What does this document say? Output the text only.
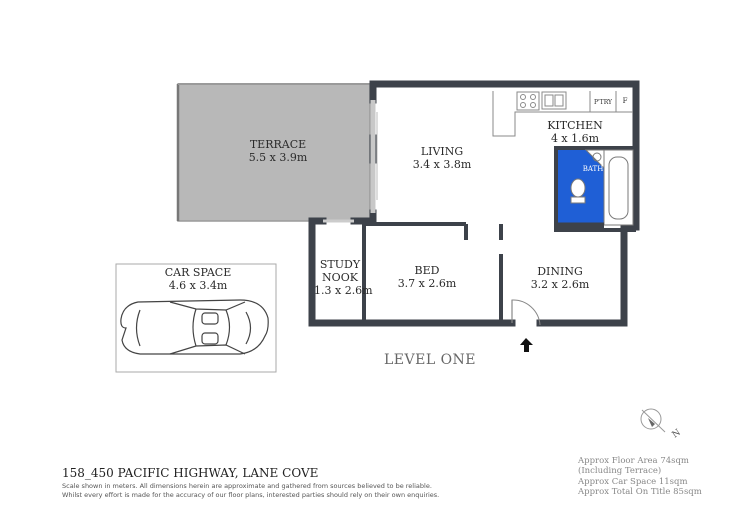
TERRACE
5.5 x 3.9m	LIVING
3.4 x 3.8m
KITCHEN
4 x 1.6m
BATH
P'TRY	F
STUDY
NOOK
1.3 x 2.6m
BED
3.7 x 2.6m
DINING
3.2 x 2.6m
CAR SPACE
4.6 x 3.4m
LEVEL ONE
N
158_450 PACIFIC HIGHWAY, LANE COVE
Scale shown in meters. All dimensions herein are approximate and gathered from sources believed to be reliable.
Whilst every effort is made for the accuracy of our floor plans, interested parties should rely on their own enquiries.
Approx Floor Area 74sqm
(Including Terrace)
Approx Car Space 11sqm
Approx Total On Title 85sqm
